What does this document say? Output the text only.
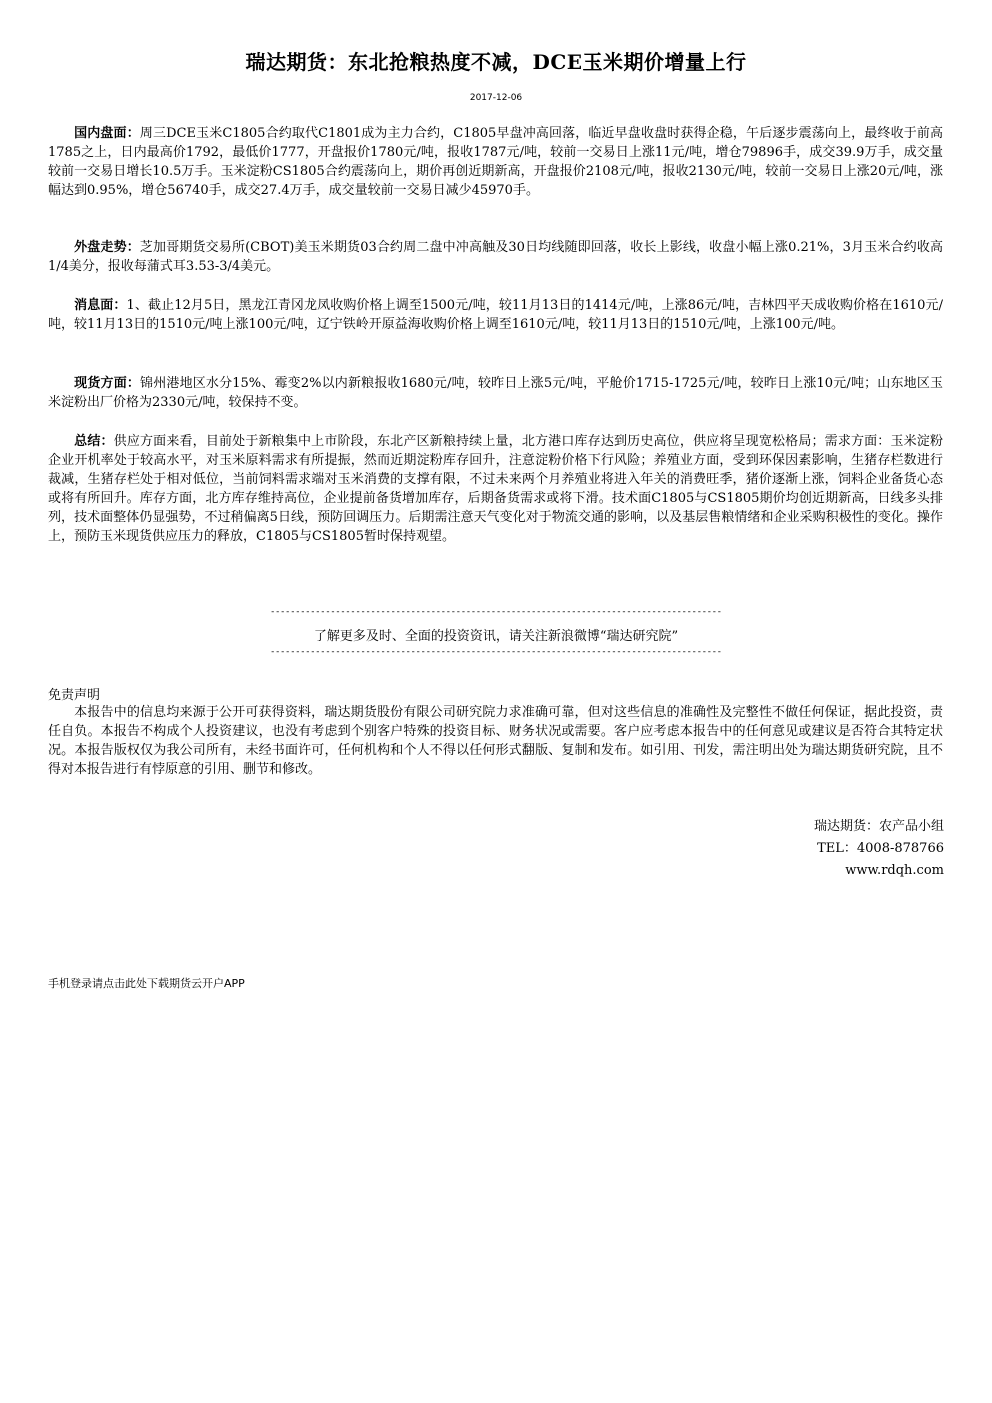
瑞达期货：东北抢粮热度不减，DCE玉米期价增量上行
2017-12-06

国内盘面：周三DCE玉米C1805合约取代C1801成为主力合约，C1805早盘冲高回落，临近早盘收盘时获得企稳，午后逐步震荡向上，最终收于前高1785之上，日内最高价1792，最低价1777，开盘报价1780元/吨，报收1787元/吨，较前一交易日上涨11元/吨，增仓79896手，成交39.9万手，成交量较前一交易日增长10.5万手。玉米淀粉CS1805合约震荡向上，期价再创近期新高，开盘报价2108元/吨，报收2130元/吨，较前一交易日上涨20元/吨，涨幅达到0.95%，增仓56740手，成交27.4万手，成交量较前一交易日减少45970手。

外盘走势：芝加哥期货交易所(CBOT)美玉米期货03合约周二盘中冲高触及30日均线随即回落，收长上影线，收盘小幅上涨0.21%，3月玉米合约收高1/4美分，报收每蒲式耳3.53-3/4美元。

消息面：1、截止12月5日，黑龙江青冈龙凤收购价格上调至1500元/吨，较11月13日的1414元/吨，上涨86元/吨，吉林四平天成收购价格在1610元/吨，较11月13日的1510元/吨上涨100元/吨，辽宁铁岭开原益海收购价格上调至1610元/吨，较11月13日的1510元/吨，上涨100元/吨。

现货方面：锦州港地区水分15%、霉变2%以内新粮报收1680元/吨，较昨日上涨5元/吨，平舱价1715-1725元/吨，较昨日上涨10元/吨；山东地区玉米淀粉出厂价格为2330元/吨，较保持不变。

总结：供应方面来看，目前处于新粮集中上市阶段，东北产区新粮持续上量，北方港口库存达到历史高位，供应将呈现宽松格局；需求方面：玉米淀粉企业开机率处于较高水平，对玉米原料需求有所提振，然而近期淀粉库存回升，注意淀粉价格下行风险；养殖业方面，受到环保因素影响，生猪存栏数进行裁减，生猪存栏处于相对低位，当前饲料需求端对玉米消费的支撑有限，不过未来两个月养殖业将进入年关的消费旺季，猪价逐渐上涨，饲料企业备货心态或将有所回升。库存方面，北方库存维持高位，企业提前备货增加库存，后期备货需求或将下滑。技术面C1805与CS1805期价均创近期新高，日线多头排列，技术面整体仍显强势，不过稍偏离5日线，预防回调压力。后期需注意天气变化对于物流交通的影响，以及基层售粮情绪和企业采购积极性的变化。操作上，预防玉米现货供应压力的释放，C1805与CS1805暂时保持观望。

------------------------------------------------------------------------------------------
了解更多及时、全面的投资资讯，请关注新浪微博“瑞达研究院”
------------------------------------------------------------------------------------------
免责声明

本报告中的信息均来源于公开可获得资料，瑞达期货股份有限公司研究院力求准确可靠，但对这些信息的准确性及完整性不做任何保证，据此投资，责任自负。本报告不构成个人投资建议，也没有考虑到个别客户特殊的投资目标、财务状况或需要。客户应考虑本报告中的任何意见或建议是否符合其特定状况。本报告版权仅为我公司所有，未经书面许可，任何机构和个人不得以任何形式翻版、复制和发布。如引用、刊发，需注明出处为瑞达期货研究院，且不得对本报告进行有悖原意的引用、删节和修改。

瑞达期货：农产品小组
TEL：4008-878766
www.rdqh.com
手机登录请点击此处下载期货云开户APP
